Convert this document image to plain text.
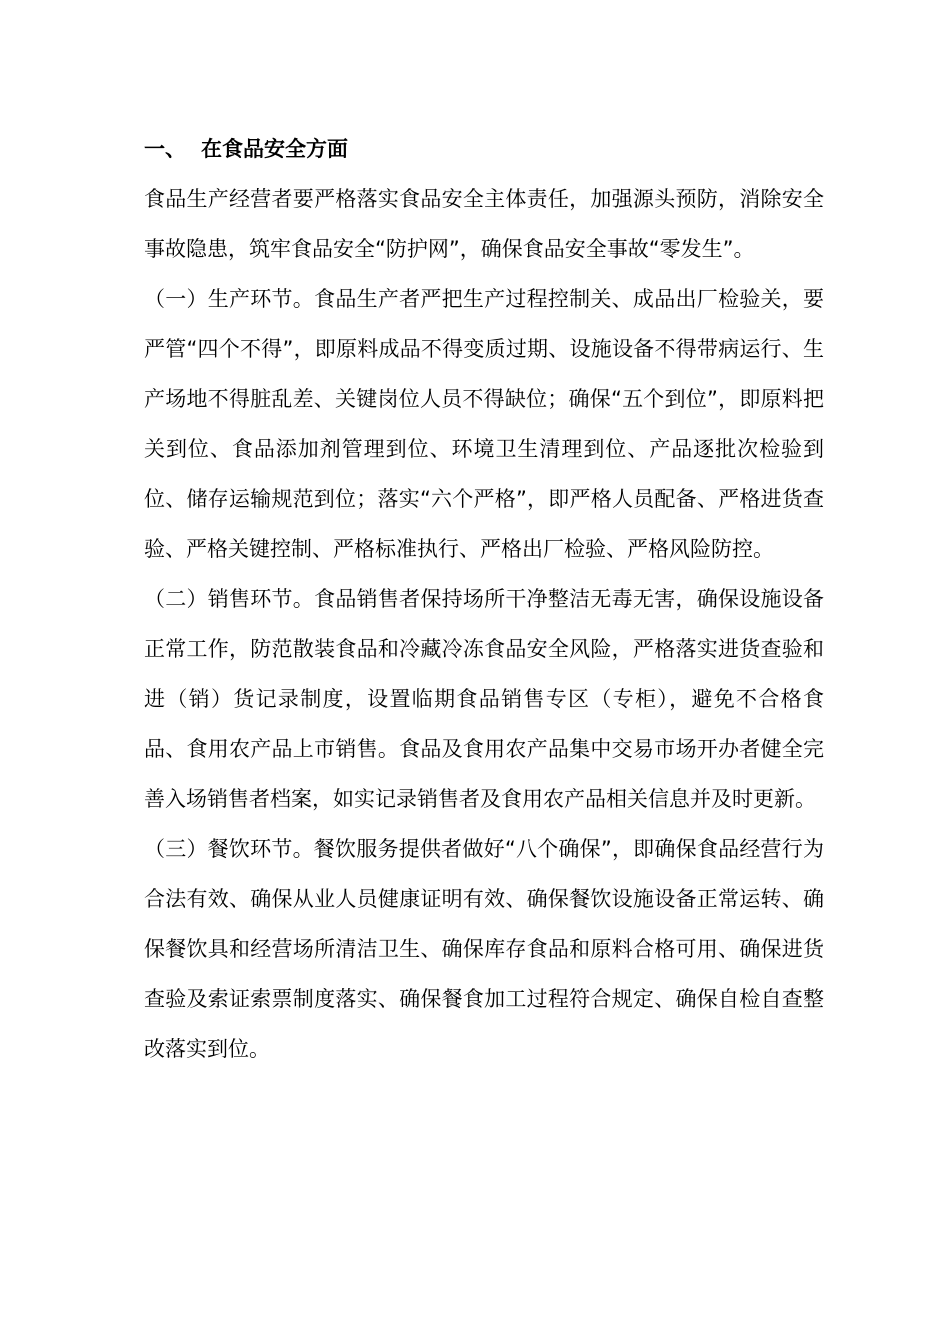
一、 在食品安全方面

食品生产经营者要严格落实食品安全主体责任，加强源头预防，消除安全事故隐患，筑牢食品安全“防护网”，确保食品安全事故“零发生”。

（一）生产环节。食品生产者严把生产过程控制关、成品出厂检验关，要严管“四个不得”，即原料成品不得变质过期、设施设备不得带病运行、生产场地不得脏乱差、关键岗位人员不得缺位；确保“五个到位”，即原料把关到位、食品添加剂管理到位、环境卫生清理到位、产品逐批次检验到位、储存运输规范到位；落实“六个严格”，即严格人员配备、严格进货查验、严格关键控制、严格标准执行、严格出厂检验、严格风险防控。

（二）销售环节。食品销售者保持场所干净整洁无毒无害，确保设施设备正常工作，防范散装食品和冷藏冷冻食品安全风险，严格落实进货查验和进（销）货记录制度，设置临期食品销售专区（专柜），避免不合格食品、食用农产品上市销售。食品及食用农产品集中交易市场开办者健全完善入场销售者档案，如实记录销售者及食用农产品相关信息并及时更新。

（三）餐饮环节。餐饮服务提供者做好“八个确保”，即确保食品经营行为合法有效、确保从业人员健康证明有效、确保餐饮设施设备正常运转、确保餐饮具和经营场所清洁卫生、确保库存食品和原料合格可用、确保进货查验及索证索票制度落实、确保餐食加工过程符合规定、确保自检自查整改落实到位。
